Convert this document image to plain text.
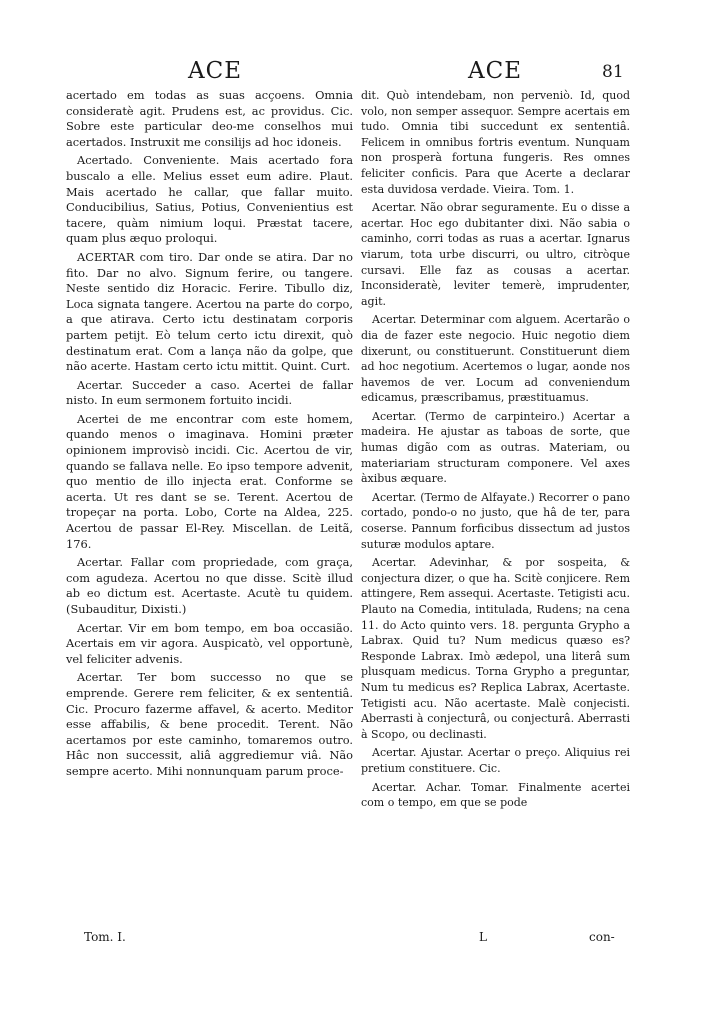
ACE	ACE	81

acertado em todas as suas acçoens. Omnia consideratè agit. Prudens est, ac providus. Cic. Sobre este particular deo-me conselhos mui acertados. Instruxit me consilijs ad hoc idoneis.

Acertado. Conveniente. Mais acertado fora buscalo a elle. Melius esset eum adire. Plaut. Mais acertado he callar, que fallar muito. Conducibilius, Satius, Potius, Convenientius est tacere, quàm nimium loqui. Præstat tacere, quam plus æquo proloqui.

ACERTAR com tiro. Dar onde se atira. Dar no fito. Dar no alvo. Signum ferire, ou tangere. Neste sentido diz Horacic. Ferire. Tibullo diz, Loca signata tangere. Acertou na parte do corpo, a que atirava. Certo ictu destinatam corporis partem petijt. Eò telum certo ictu direxit, quò destinatum erat. Com a lança não da golpe, que não acerte. Hastam certo ictu mittit. Quint. Curt.

Acertar. Succeder a caso. Acertei de fallar nisto. In eum sermonem fortuito incidi.

Acertei de me encontrar com este homem, quando menos o imaginava. Homini præter opinionem improvisò incidi. Cic. Acertou de vir, quando se fallava nelle. Eo ipso tempore advenit, quo mentio de illo injecta erat. Conforme se acerta. Ut res dant se se. Terent. Acertou de tropeçar na porta. Lobo, Corte na Aldea, 225. Acertou de passar El-Rey. Miscellan. de Leitã, 176.

Acertar. Fallar com propriedade, com graça, com agudeza. Acertou no que disse. Scitè illud ab eo dictum est. Acertaste. Acutè tu quidem. (Subauditur, Dixisti.)

Acertar. Vir em bom tempo, em boa occasião. Acertais em vir agora. Auspicatò, vel opportunè, vel feliciter advenis.

Acertar. Ter bom successo no que se emprende. Gerere rem feliciter, & ex sententiâ. Cic. Procuro fazerme affavel, & acerto. Meditor esse affabilis, & bene procedit. Terent. Não acertamos por este caminho, tomaremos outro. Hâc non successit, aliâ aggrediemur viâ. Não sempre acerto. Mihi nonnunquam parum proce-

dit. Quò intendebam, non perveniò. Id, quod volo, non semper assequor. Sempre acertais em tudo. Omnia tibi succedunt ex sententiâ. Felicem in omnibus fortris eventum. Nunquam non prosperà fortuna fungeris. Res omnes feliciter conficis. Para que Acerte a declarar esta duvidosa verdade. Vieira. Tom. 1.

Acertar. Não obrar seguramente. Eu o disse a acertar. Hoc ego dubitanter dixi. Não sabia o caminho, corri todas as ruas a acertar. Ignarus viarum, tota urbe discurri, ou ultro, citròque cursavi. Elle faz as cousas a acertar. Inconsideratè, leviter temerè, imprudenter, agit.

Acertar. Determinar com alguem. Acertarão o dia de fazer este negocio. Huic negotio diem dixerunt, ou constituerunt. Constituerunt diem ad hoc negotium. Acertemos o lugar, aonde nos havemos de ver. Locum ad conveniendum edicamus, præscribamus, præstituamus.

Acertar. (Termo de carpinteiro.) Acertar a madeira. He ajustar as taboas de sorte, que humas digão com as outras. Materiam, ou materiariam structuram componere. Vel axes àxibus æquare.

Acertar. (Termo de Alfayate.) Recorrer o pano cortado, pondo-o no justo, que hâ de ter, para coserse. Pannum forficibus dissectum ad justos suturæ modulos aptare.

Acertar. Adevinhar, & por sospeita, & conjectura dizer, o que ha. Scitè conjicere. Rem attingere, Rem assequi. Acertaste. Tetigisti acu. Plauto na Comedia, intitulada, Rudens; na cena 11. do Acto quinto vers. 18. pergunta Grypho a Labrax. Quid tu? Num medicus quæso es? Responde Labrax. Imò ædepol, una literâ sum plusquam medicus. Torna Grypho a preguntar, Num tu medicus es? Replica Labrax, Acertaste. Tetigisti acu. Não acertaste. Malè conjecisti. Aberrasti à conjecturâ, ou conjecturâ. Aberrasti à Scopo, ou declinasti.

Acertar. Ajustar. Acertar o preço. Aliquius rei pretium constituere. Cic.

Acertar. Achar. Tomar. Finalmente acertei com o tempo, em que se pode

Tom. I.	L	con-
